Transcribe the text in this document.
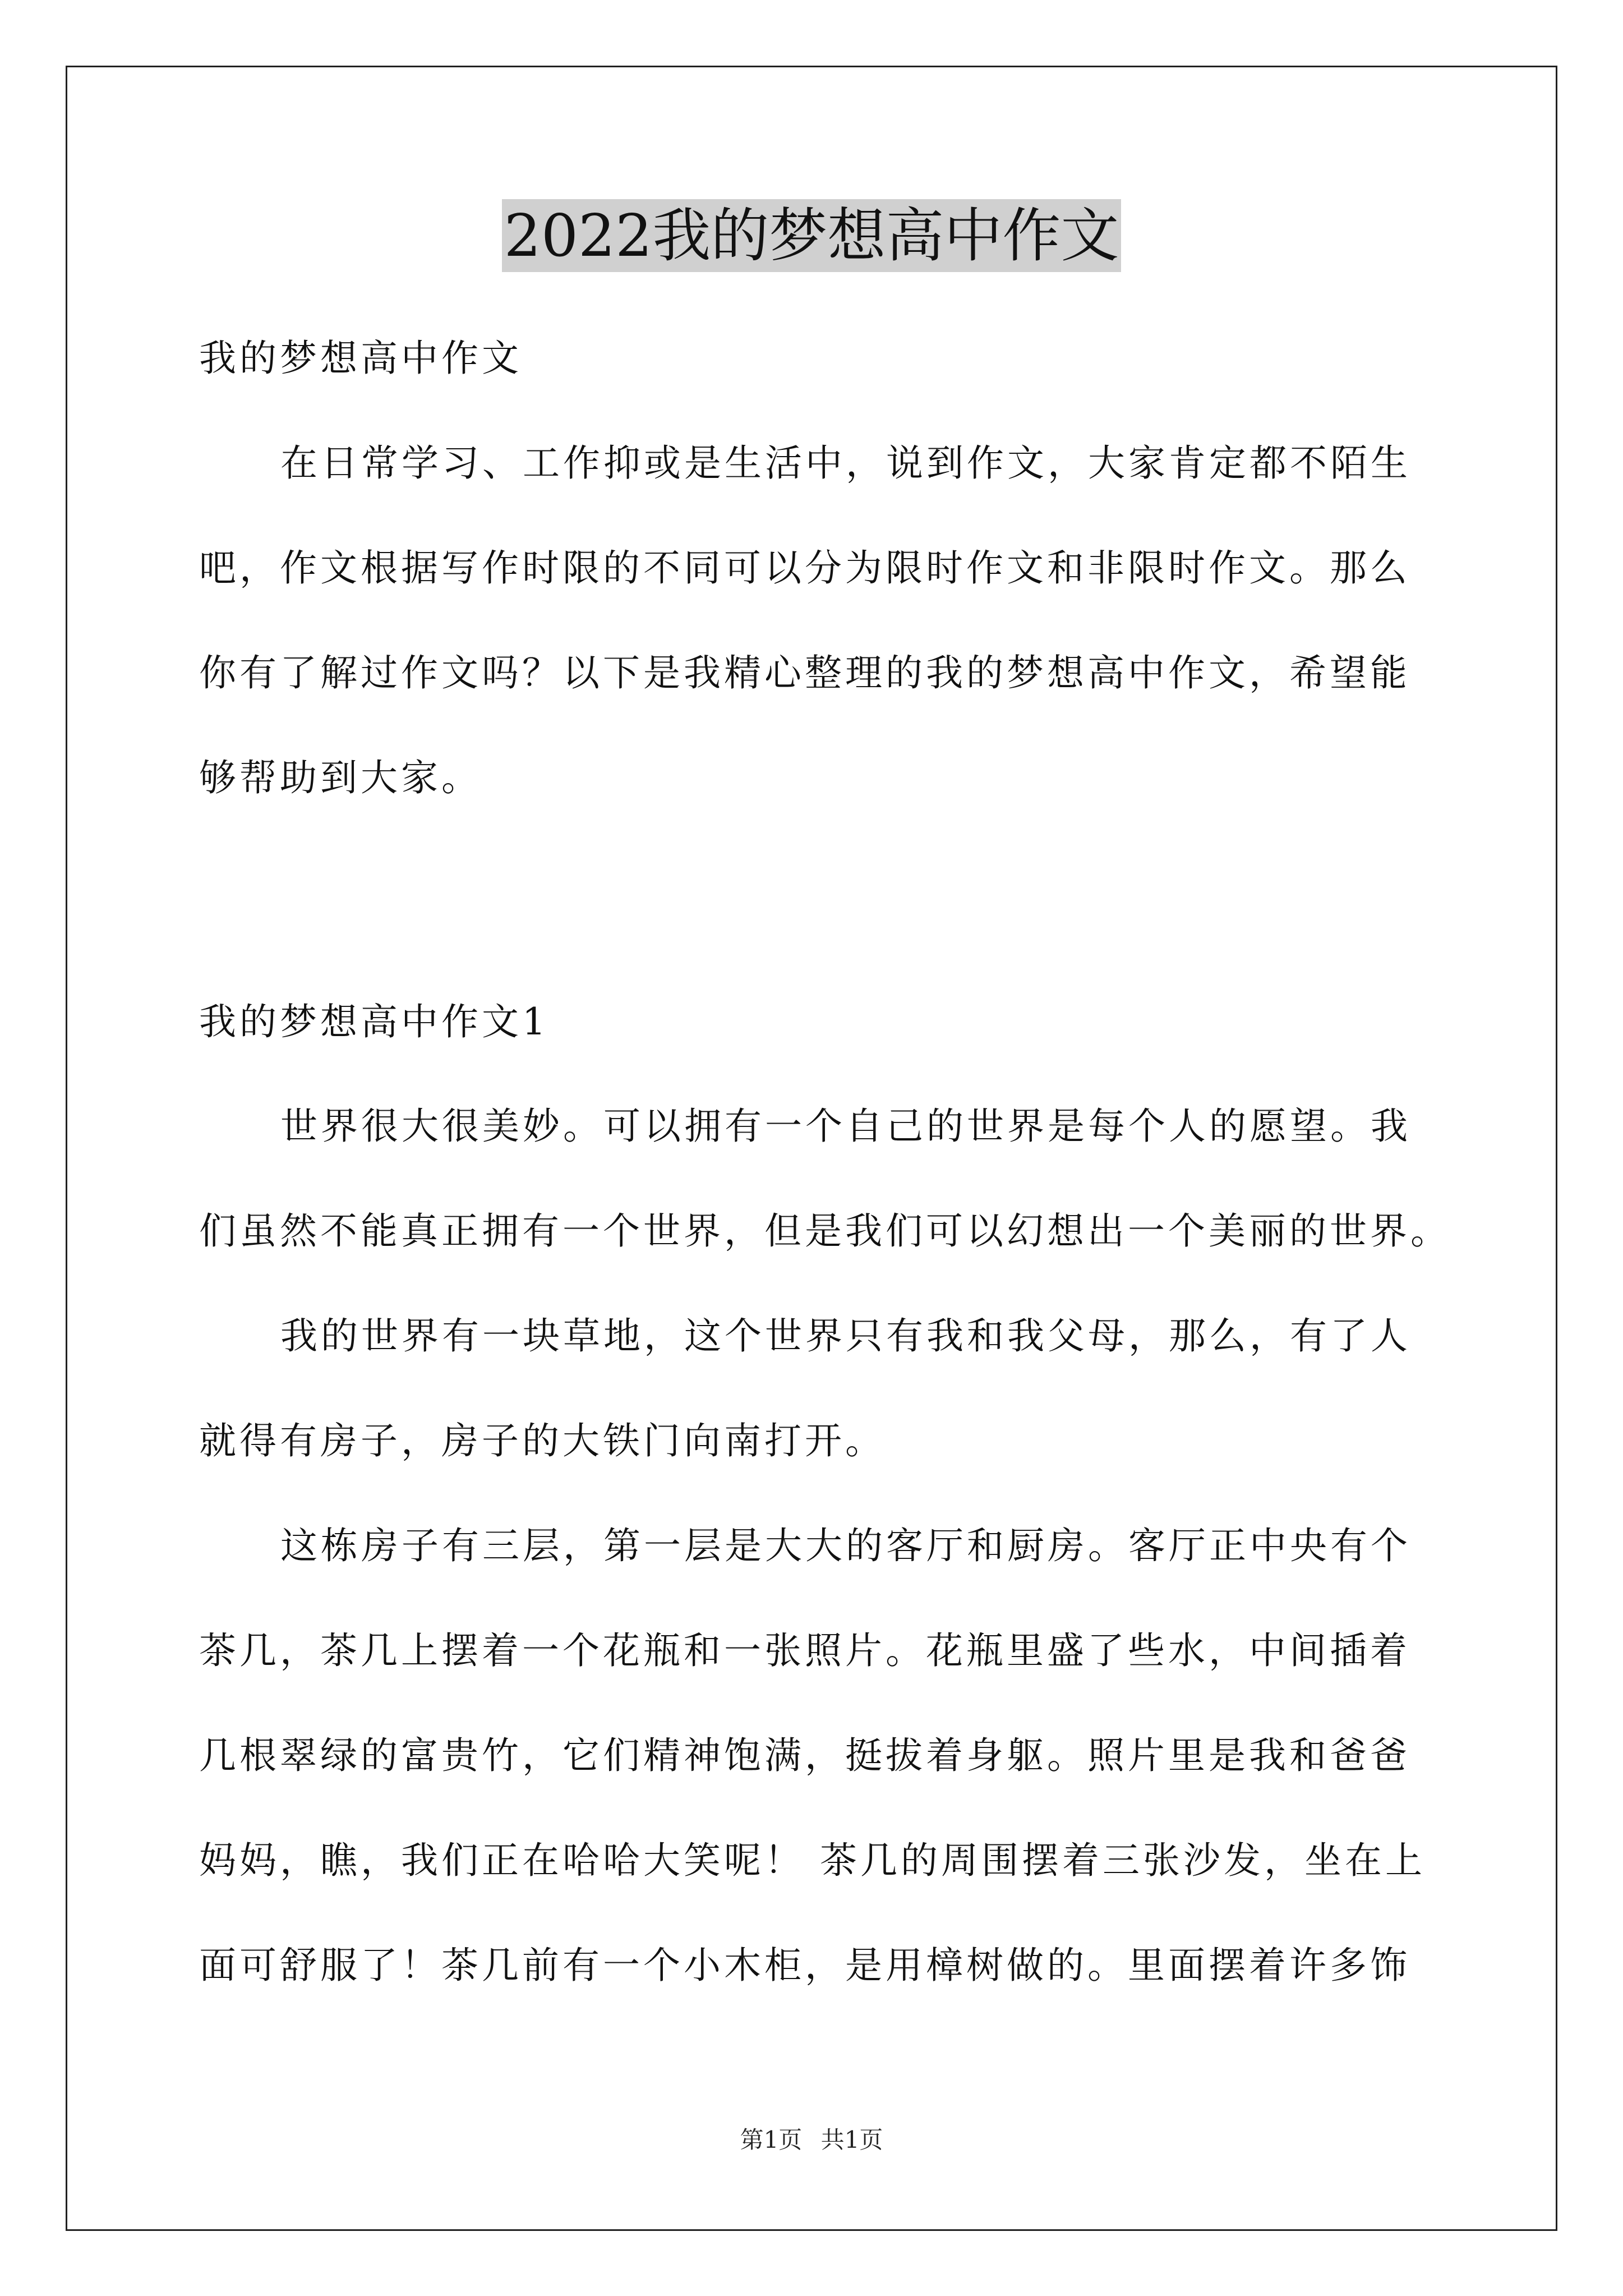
2022我的梦想高中作文

我的梦想高中作文

在日常学习、工作抑或是生活中，说到作文，大家肯定都不陌生

吧，作文根据写作时限的不同可以分为限时作文和非限时作文。那么

你有了解过作文吗？以下是我精心整理的我的梦想高中作文，希望能

够帮助到大家。

我的梦想高中作文1

世界很大很美妙。可以拥有一个自己的世界是每个人的愿望。我

们虽然不能真正拥有一个世界，但是我们可以幻想出一个美丽的世界。

我的世界有一块草地，这个世界只有我和我父母，那么，有了人

就得有房子，房子的大铁门向南打开。

这栋房子有三层，第一层是大大的客厅和厨房。客厅正中央有个

茶几，茶几上摆着一个花瓶和一张照片。花瓶里盛了些水，中间插着

几根翠绿的富贵竹，它们精神饱满，挺拔着身躯。照片里是我和爸爸

妈妈，瞧，我们正在哈哈大笑呢！ 茶几的周围摆着三张沙发，坐在上

面可舒服了！茶几前有一个小木柜，是用樟树做的。里面摆着许多饰

第1页 共1页
